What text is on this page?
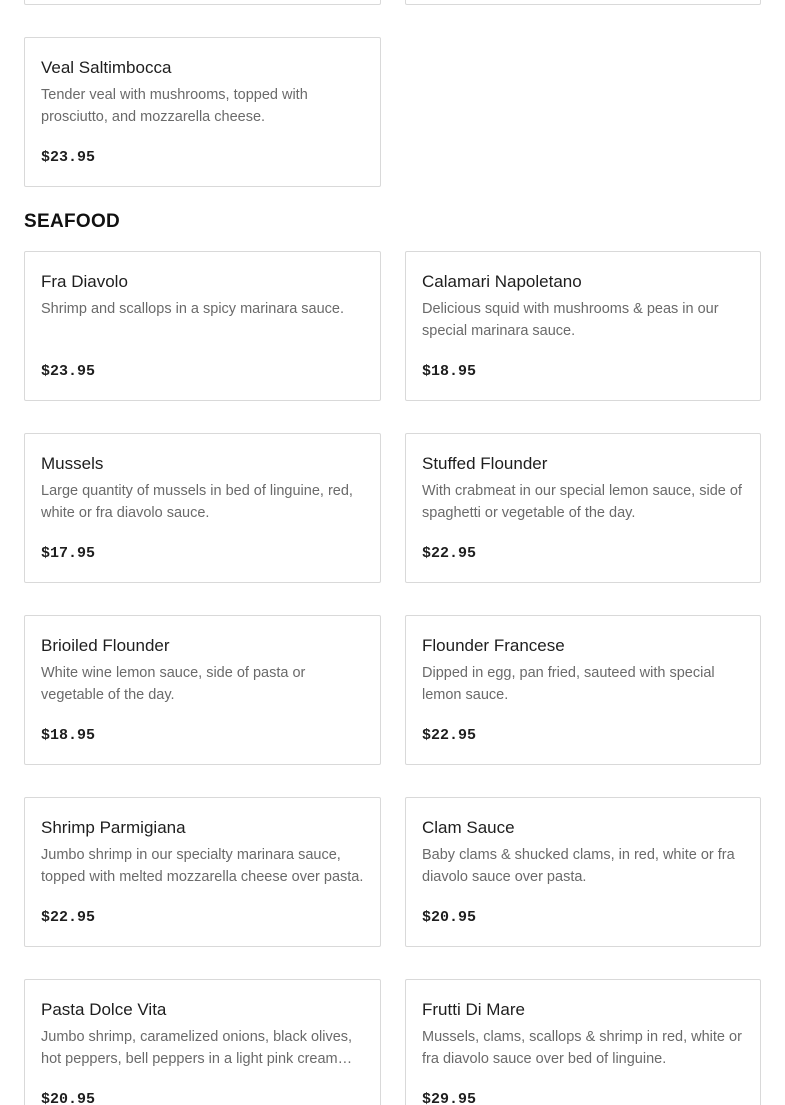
Veal Saltimbocca
Tender veal with mushrooms, topped with prosciutto, and mozzarella cheese.
$23.95
SEAFOOD
Fra Diavolo
Shrimp and scallops in a spicy marinara sauce.
$23.95
Calamari Napoletano
Delicious squid with mushrooms & peas in our special marinara sauce.
$18.95
Mussels
Large quantity of mussels in bed of linguine, red, white or fra diavolo sauce.
$17.95
Stuffed Flounder
With crabmeat in our special lemon sauce, side of spaghetti or vegetable of the day.
$22.95
Brioiled Flounder
White wine lemon sauce, side of pasta or vegetable of the day.
$18.95
Flounder Francese
Dipped in egg, pan fried, sauteed with special lemon sauce.
$22.95
Shrimp Parmigiana
Jumbo shrimp in our specialty marinara sauce, topped with melted mozzarella cheese over pasta.
$22.95
Clam Sauce
Baby clams & shucked clams, in red, white or fra diavolo sauce over pasta.
$20.95
Pasta Dolce Vita
Jumbo shrimp, caramelized onions, black olives, hot peppers, bell peppers in a light pink cream…
$20.95
Frutti Di Mare
Mussels, clams, scallops & shrimp in red, white or fra diavolo sauce over bed of linguine.
$29.95
